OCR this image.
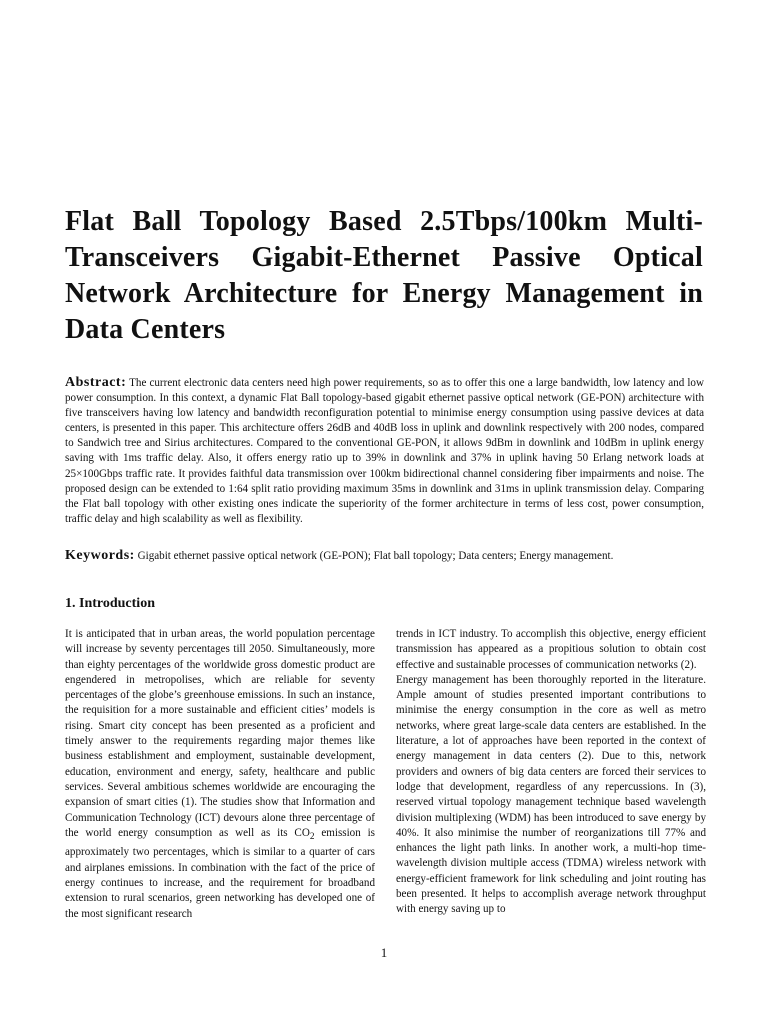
Flat Ball Topology Based 2.5Tbps/100km Multi-Transceivers Gigabit-Ethernet Passive Optical Network Architecture for Energy Management in Data Centers

Abstract: The current electronic data centers need high power requirements, so as to offer this one a large bandwidth, low latency and low power consumption. In this context, a dynamic Flat Ball topology-based gigabit ethernet passive optical network (GE-PON) architecture with five transceivers having low latency and bandwidth reconfiguration potential to minimise energy consumption using passive devices at data centers, is presented in this paper. This architecture offers 26dB and 40dB loss in uplink and downlink respectively with 200 nodes, compared to Sandwich tree and Sirius architectures. Compared to the conventional GE-PON, it allows 9dBm in downlink and 10dBm in uplink energy saving with 1ms traffic delay. Also, it offers energy ratio up to 39% in downlink and 37% in uplink having 50 Erlang network loads at 25×100Gbps traffic rate. It provides faithful data transmission over 100km bidirectional channel considering fiber impairments and noise. The proposed design can be extended to 1:64 split ratio providing maximum 35ms in downlink and 31ms in uplink transmission delay. Comparing the Flat ball topology with other existing ones indicate the superiority of the former architecture in terms of less cost, power consumption, traffic delay and high scalability as well as flexibility.

Keywords: Gigabit ethernet passive optical network (GE-PON); Flat ball topology; Data centers; Energy management.

1. Introduction
It is anticipated that in urban areas, the world population percentage will increase by seventy percentages till 2050. Simultaneously, more than eighty percentages of the worldwide gross domestic product are engendered in metropolises, which are reliable for seventy percentages of the globe’s greenhouse emissions. In such an instance, the requisition for a more sustainable and efficient cities’ models is rising. Smart city concept has been presented as a proficient and timely answer to the requirements regarding major themes like business establishment and employment, sustainable development, education, environment and energy, safety, healthcare and public services. Several ambitious schemes worldwide are encouraging the expansion of smart cities (1). The studies show that Information and Communication Technology (ICT) devours alone three percentage of the world energy consumption as well as its $CO_2$ emission is approximately two percentages, which is similar to a quarter of cars and airplanes emissions. In combination with the fact of the price of energy continues to increase, and the requirement for broadband extension to rural scenarios, green networking has developed one of the most significant research
trends in ICT industry. To accomplish this objective, energy efficient transmission has appeared as a propitious solution to obtain cost effective and sustainable processes of communication networks (2).
Energy management has been thoroughly reported in the literature. Ample amount of studies presented important contributions to minimise the energy consumption in the core as well as metro networks, where great large-scale data centers are established. In the literature, a lot of approaches have been reported in the context of energy management in data centers (2). Due to this, network providers and owners of big data centers are forced their services to lodge that development, regardless of any repercussions. In (3), reserved virtual topology management technique based wavelength division multiplexing (WDM) has been introduced to save energy by 40%. It also minimise the number of reorganizations till 77% and enhances the light path links. In another work, a multi-hop time-wavelength division multiple access (TDMA) wireless network with energy-efficient framework for link scheduling and joint routing has been presented. It helps to accomplish average network throughput with energy saving up to
1
